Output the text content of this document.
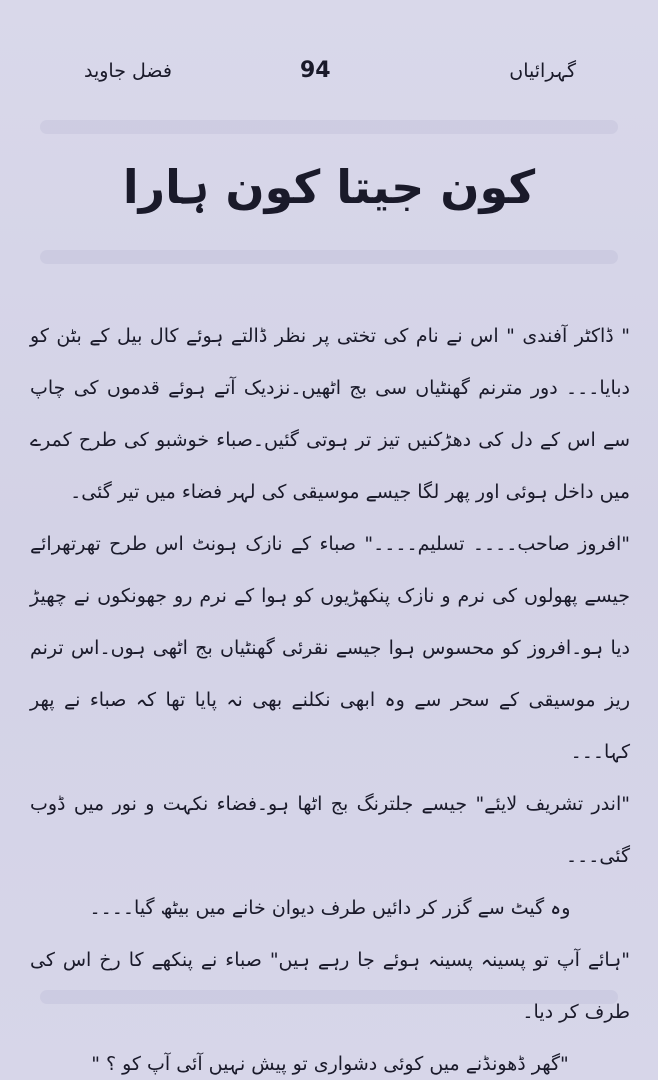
فضل جاوید	94	گہرائیاں
کون جیتا کون ہارا

" ڈاکٹر آفندی " اس نے نام کی تختی پر نظر ڈالتے ہوئے کال بیل کے بٹن کو دبایا۔۔۔ دور مترنم گھنٹیاں سی بج اٹھیں۔نزدیک آتے ہوئے قدموں کی چاپ سے اس کے دل کی دھڑکنیں تیز تر ہوتی گئیں۔صباء خوشبو کی طرح کمرے میں داخل ہوئی اور پھر لگا جیسے موسیقی کی لہر فضاء میں تیر گئی۔

"افروز صاحب۔۔۔۔ تسلیم۔۔۔۔" صباء کے نازک ہونٹ اس طرح تھرتھرائے جیسے پھولوں کی نرم و نازک پنکھڑیوں کو ہوا کے نرم رو جھونکوں نے چھیڑ دیا ہو۔افروز کو محسوس ہوا جیسے نقرئی گھنٹیاں بج اٹھی ہوں۔اس ترنم ریز موسیقی کے سحر سے وہ ابھی نکلنے بھی نہ پایا تھا کہ صباء نے پھر کہا۔۔۔

"اندر تشریف لایئے" جیسے جلترنگ بج اٹھا ہو۔فضاء نکہت و نور میں ڈوب گئی۔۔۔

وہ گیٹ سے گزر کر دائیں طرف دیوان خانے میں بیٹھ گیا۔۔۔۔

"ہائے آپ تو پسینہ پسینہ ہوئے جا رہے ہیں" صباء نے پنکھے کا رخ اس کی طرف کر دیا۔

"گھر ڈھونڈنے میں کوئی دشواری تو پیش نہیں آئی آپ کو ؟ "
